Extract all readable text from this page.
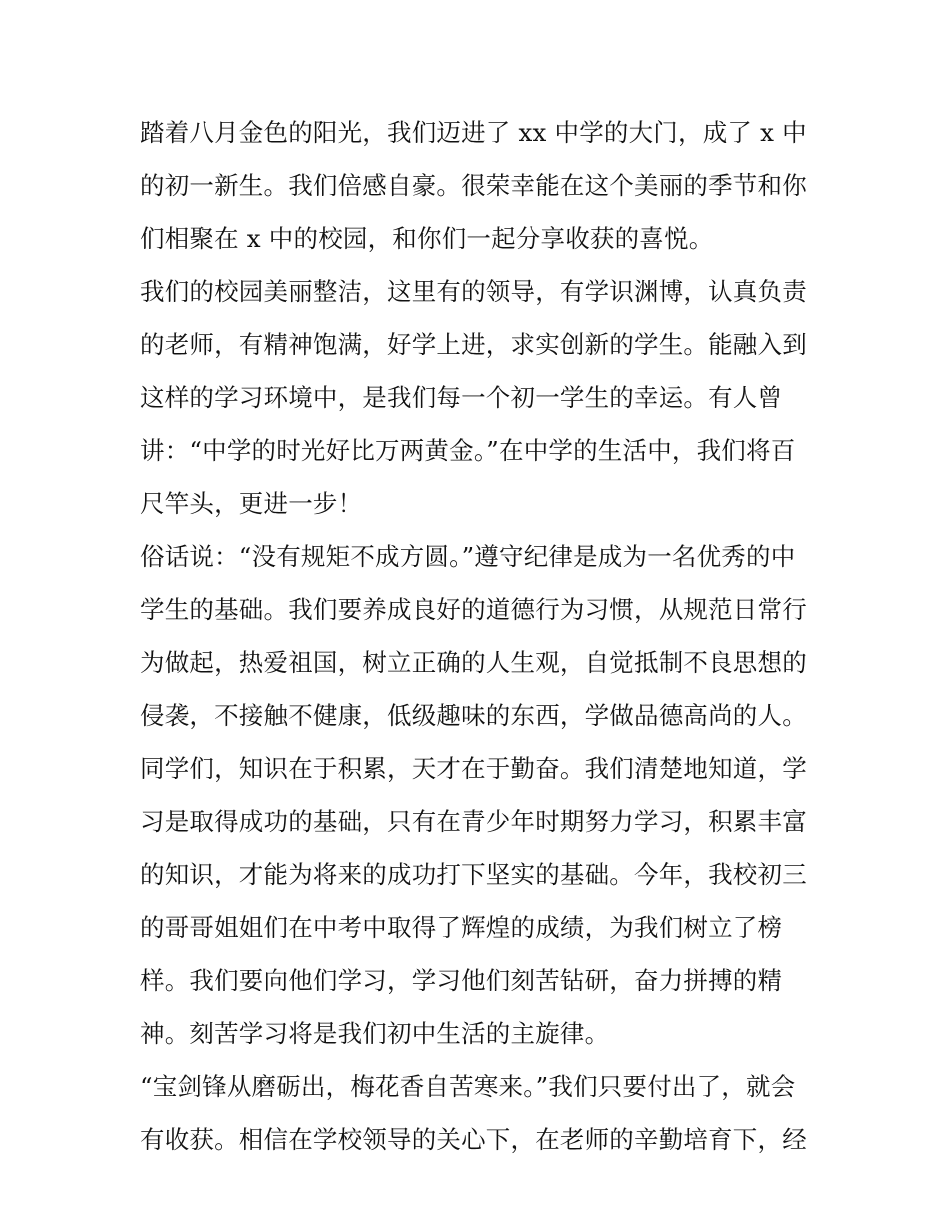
踏着八月金色的阳光，我们迈进了 xx 中学的大门，成了 x 中
的初一新生。我们倍感自豪。很荣幸能在这个美丽的季节和你
们相聚在 x 中的校园，和你们一起分享收获的喜悦。
我们的校园美丽整洁，这里有的领导，有学识渊博，认真负责
的老师，有精神饱满，好学上进，求实创新的学生。能融入到
这样的学习环境中，是我们每一个初一学生的幸运。有人曾
讲：“中学的时光好比万两黄金。”在中学的生活中，我们将百
尺竿头，更进一步！
俗话说：“没有规矩不成方圆。”遵守纪律是成为一名优秀的中
学生的基础。我们要养成良好的道德行为习惯，从规范日常行
为做起，热爱祖国，树立正确的人生观，自觉抵制不良思想的
侵袭，不接触不健康，低级趣味的东西，学做品德高尚的人。
同学们，知识在于积累，天才在于勤奋。我们清楚地知道，学
习是取得成功的基础，只有在青少年时期努力学习，积累丰富
的知识，才能为将来的成功打下坚实的基础。今年，我校初三
的哥哥姐姐们在中考中取得了辉煌的成绩，为我们树立了榜
样。我们要向他们学习，学习他们刻苦钻研，奋力拼搏的精
神。刻苦学习将是我们初中生活的主旋律。
“宝剑锋从磨砺出，梅花香自苦寒来。”我们只要付出了，就会
有收获。相信在学校领导的关心下，在老师的辛勤培育下，经
